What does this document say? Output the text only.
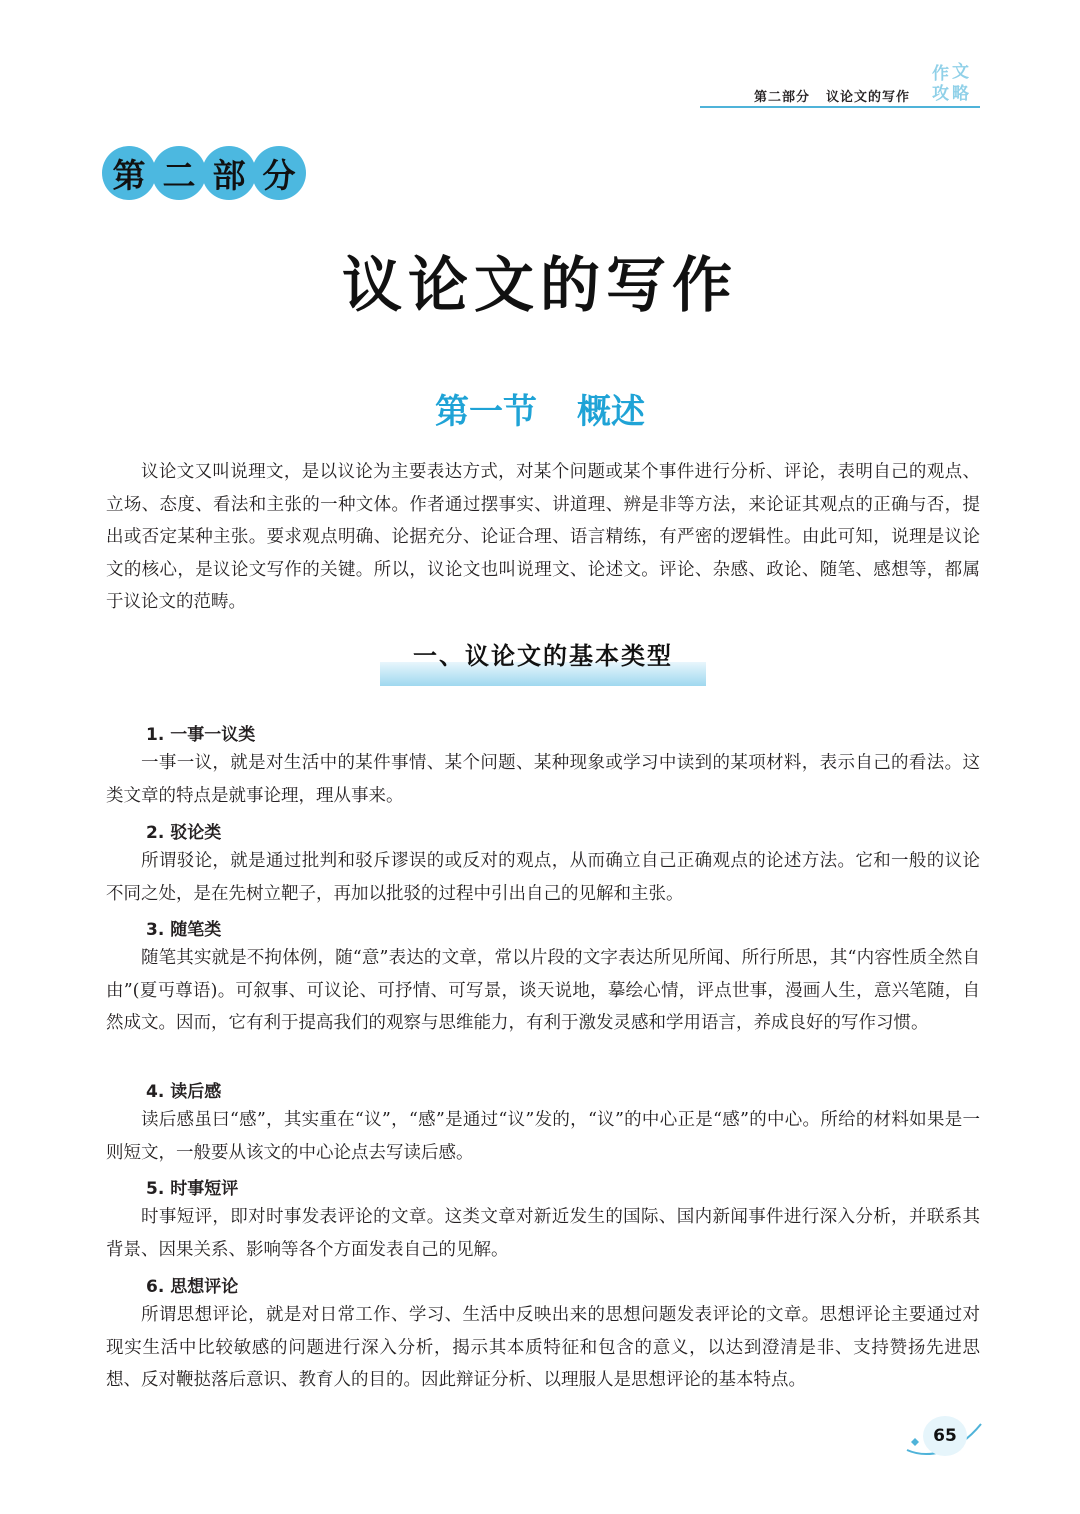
第二部分 议论文的写作
作 文
攻 略
第 二 部 分
议论文的写作
第一节 概述

议论文又叫说理文，是以议论为主要表达方式，对某个问题或某个事件进行分析、评论，表明自己的观点、立场、态度、看法和主张的一种文体。作者通过摆事实、讲道理、辨是非等方法，来论证其观点的正确与否，提出或否定某种主张。要求观点明确、论据充分、论证合理、语言精练，有严密的逻辑性。由此可知，说理是议论文的核心，是议论文写作的关键。所以，议论文也叫说理文、论述文。评论、杂感、政论、随笔、感想等，都属于议论文的范畴。

一、议论文的基本类型

1. 一事一议类

一事一议，就是对生活中的某件事情、某个问题、某种现象或学习中读到的某项材料，表示自己的看法。这类文章的特点是就事论理，理从事来。

2. 驳论类

所谓驳论，就是通过批判和驳斥谬误的或反对的观点，从而确立自己正确观点的论述方法。它和一般的议论不同之处，是在先树立靶子，再加以批驳的过程中引出自己的见解和主张。

3. 随笔类

随笔其实就是不拘体例，随“意”表达的文章，常以片段的文字表达所见所闻、所行所思，其“内容性质全然自由”(夏丏尊语)。可叙事、可议论、可抒情、可写景，谈天说地，摹绘心情，评点世事，漫画人生，意兴笔随，自然成文。因而，它有利于提高我们的观察与思维能力，有利于激发灵感和学用语言，养成良好的写作习惯。

4. 读后感

读后感虽曰“感”，其实重在“议”，“感”是通过“议”发的，“议”的中心正是“感”的中心。所给的材料如果是一则短文，一般要从该文的中心论点去写读后感。

5. 时事短评

时事短评，即对时事发表评论的文章。这类文章对新近发生的国际、国内新闻事件进行深入分析，并联系其背景、因果关系、影响等各个方面发表自己的见解。

6. 思想评论

所谓思想评论，就是对日常工作、学习、生活中反映出来的思想问题发表评论的文章。思想评论主要通过对现实生活中比较敏感的问题进行深入分析，揭示其本质特征和包含的意义，以达到澄清是非、支持赞扬先进思想、反对鞭挞落后意识、教育人的目的。因此辩证分析、以理服人是思想评论的基本特点。

65
